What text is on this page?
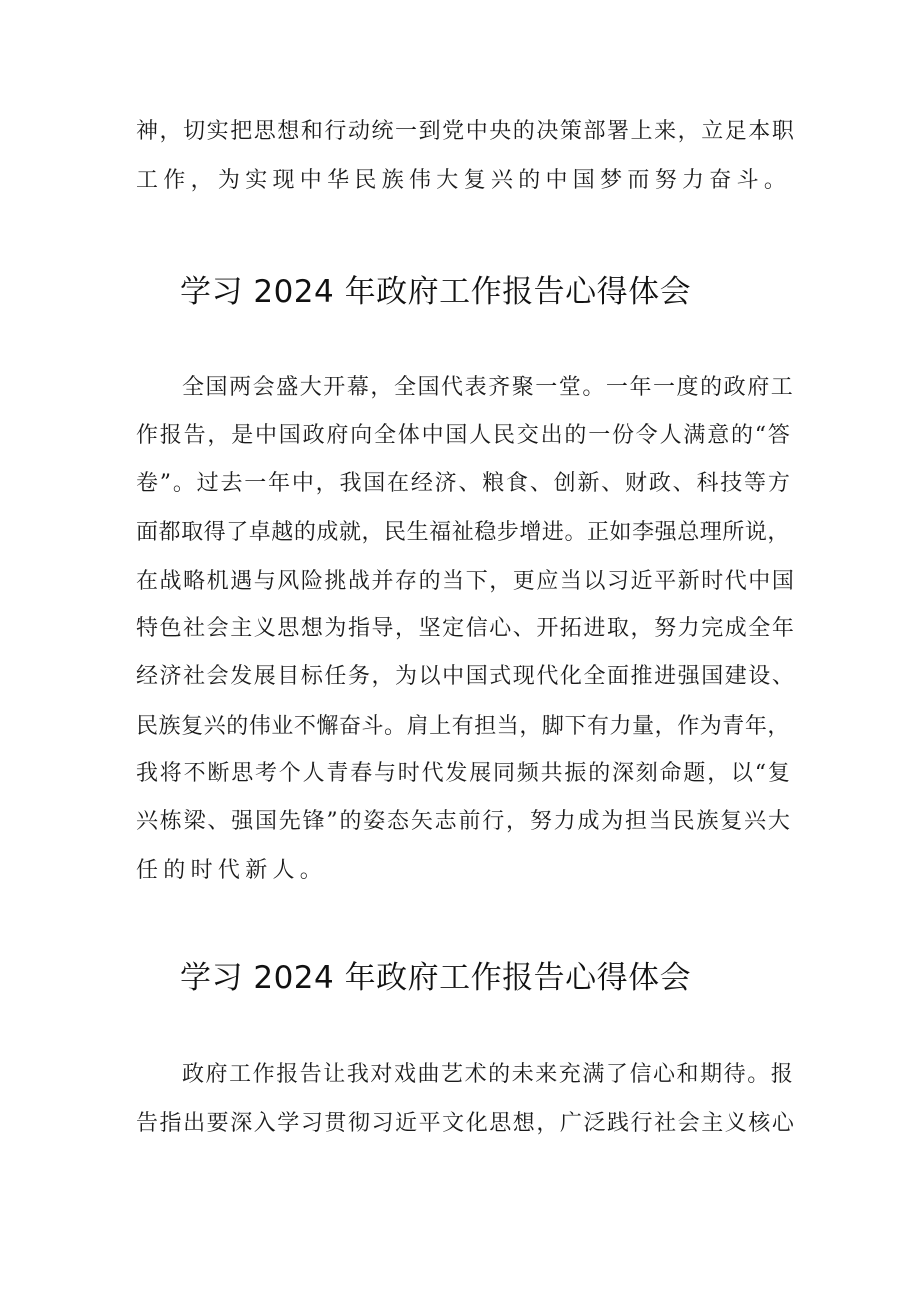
神，切实把思想和行动统一到党中央的决策部署上来，立足本职
工作，为实现中华民族伟大复兴的中国梦而努力奋斗。
学习 2024 年政府工作报告心得体会
全国两会盛大开幕，全国代表齐聚一堂。一年一度的政府工
作报告，是中国政府向全体中国人民交出的一份令人满意的“答
卷”。过去一年中，我国在经济、粮食、创新、财政、科技等方
面都取得了卓越的成就，民生福祉稳步增进。正如李强总理所说，
在战略机遇与风险挑战并存的当下，更应当以习近平新时代中国
特色社会主义思想为指导，坚定信心、开拓进取，努力完成全年
经济社会发展目标任务，为以中国式现代化全面推进强国建设、
民族复兴的伟业不懈奋斗。肩上有担当，脚下有力量，作为青年，
我将不断思考个人青春与时代发展同频共振的深刻命题，以“复
兴栋梁、强国先锋”的姿态矢志前行，努力成为担当民族复兴大
任的时代新人。
学习 2024 年政府工作报告心得体会
政府工作报告让我对戏曲艺术的未来充满了信心和期待。报
告指出要深入学习贯彻习近平文化思想，广泛践行社会主义核心
